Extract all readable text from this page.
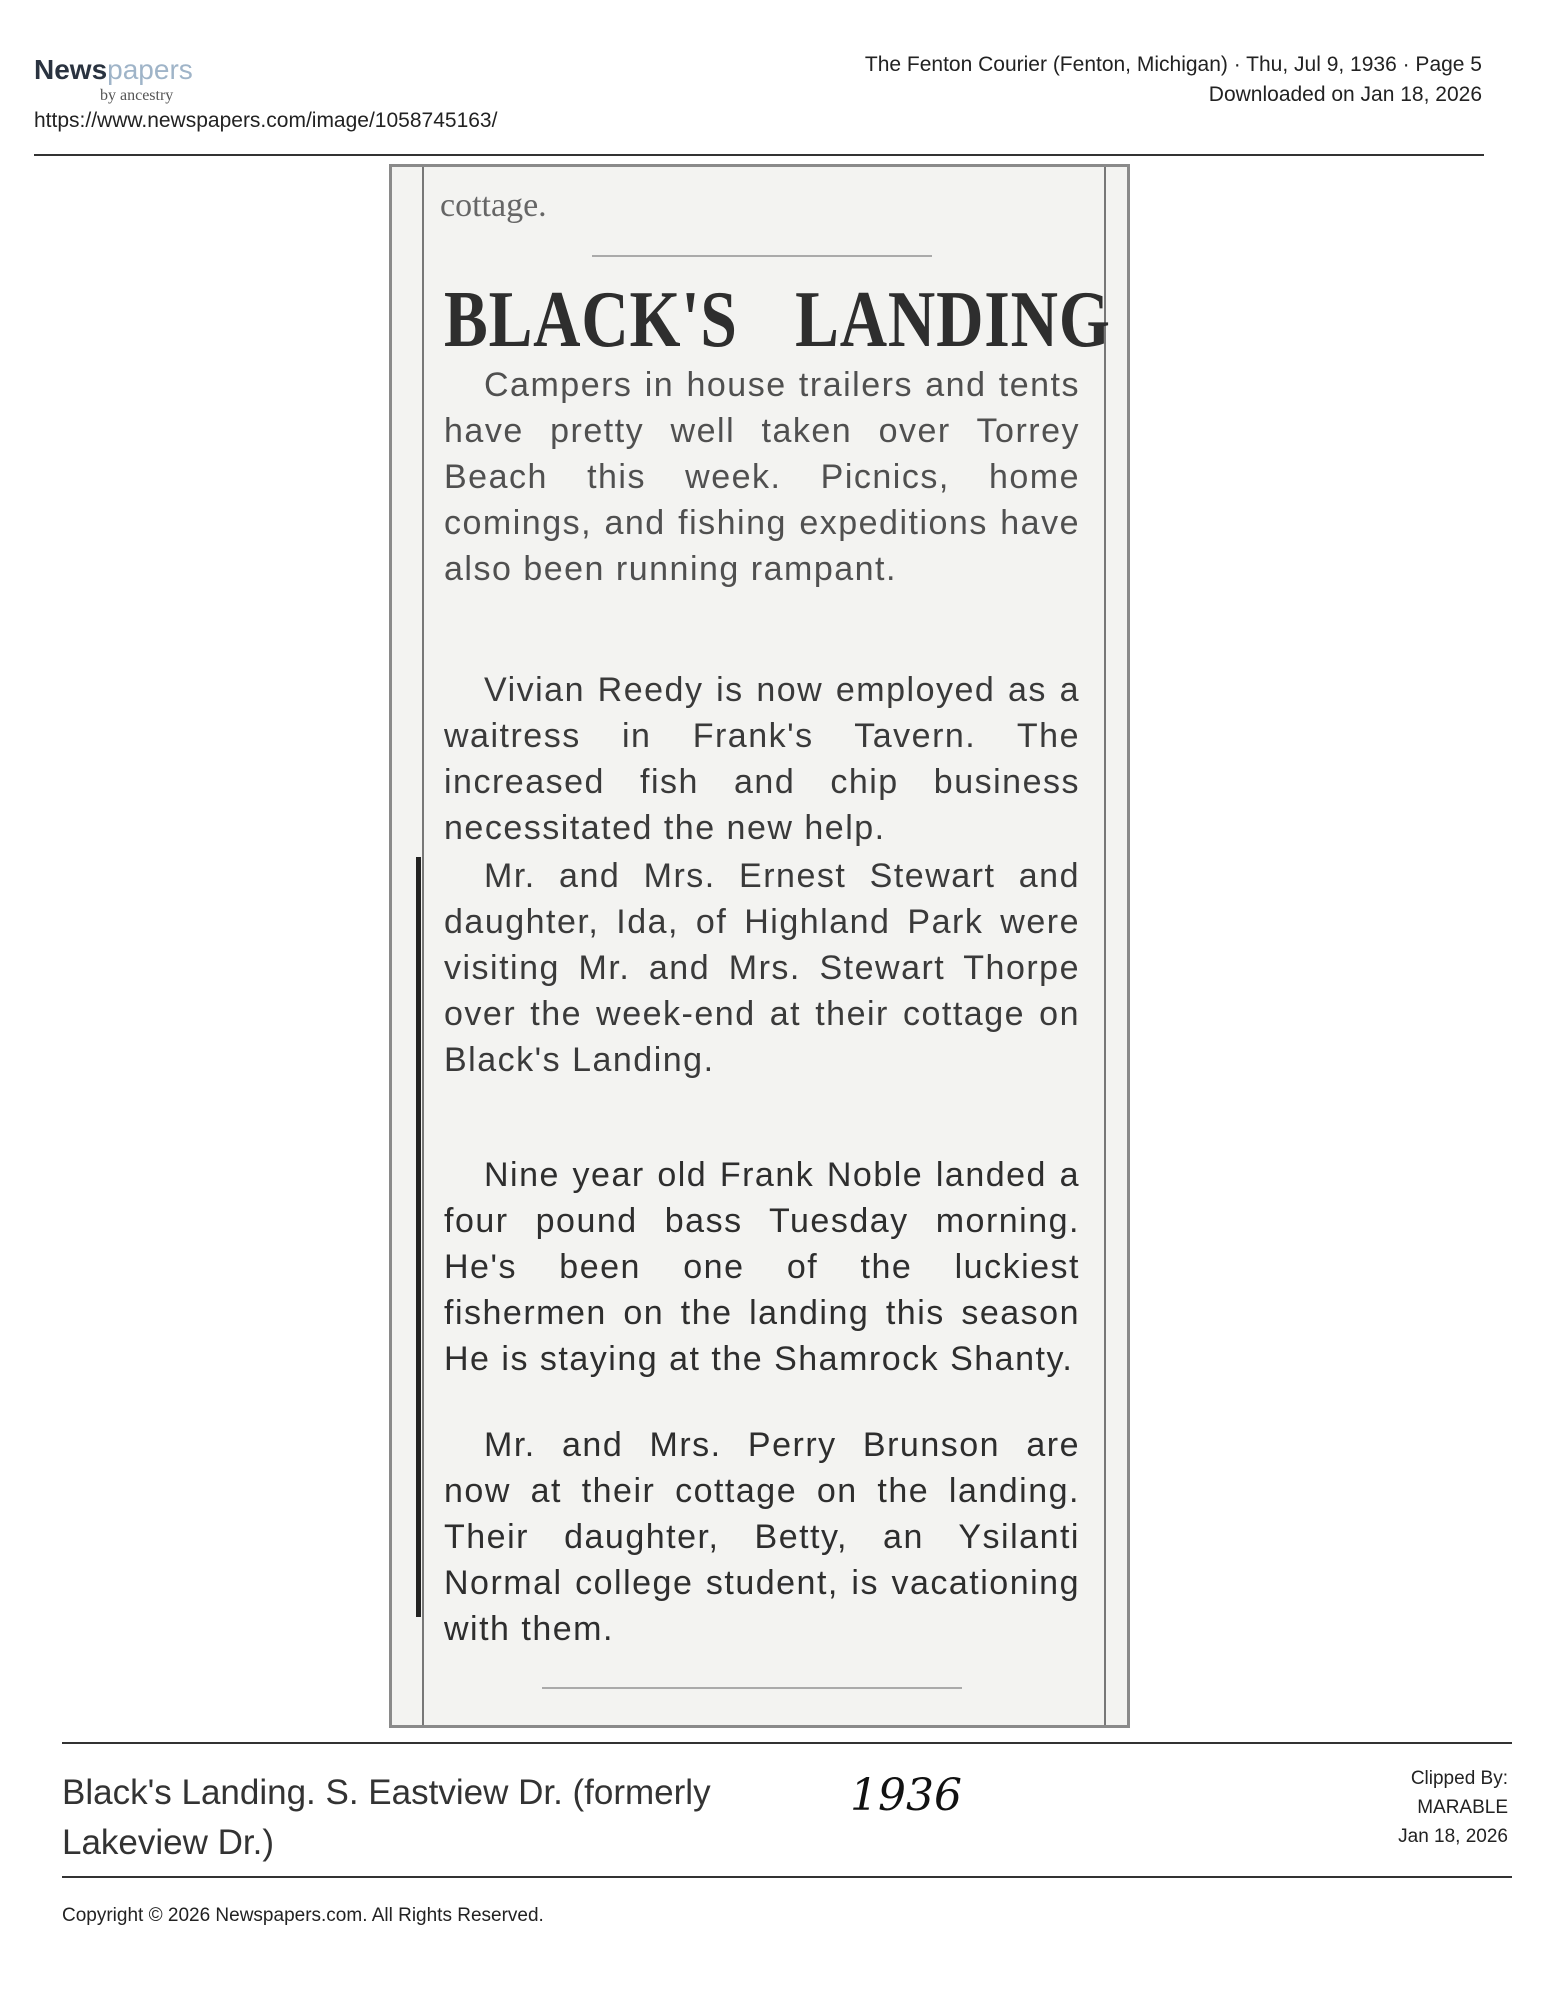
Newspapers
by ancestry
https://www.newspapers.com/image/1058745163/
The Fenton Courier (Fenton, Michigan) · Thu, Jul 9, 1936 · Page 5
Downloaded on Jan 18, 2026
cottage.
BLACK'S LANDING
Campers in house trailers and tents have pretty well taken over Torrey Beach this week. Picnics, home comings, and fishing expeditions have also been running rampant.
Vivian Reedy is now employed as a waitress in Frank's Tavern. The increased fish and chip business necessitated the new help.
Mr. and Mrs. Ernest Stewart and daughter, Ida, of Highland Park were visiting Mr. and Mrs. Stewart Thorpe over the week-end at their cottage on Black's Landing.
Nine year old Frank Noble landed a four pound bass Tuesday morning. He's been one of the luckiest fishermen on the landing this season He is staying at the Shamrock Shanty.
Mr. and Mrs. Perry Brunson are now at their cottage on the landing. Their daughter, Betty, an Ysilanti Normal college student, is vacationing with them.
Black's Landing. S. Eastview Dr. (formerly Lakeview Dr.)
1936	Clipped By:
MARABLE
Jan 18, 2026
Copyright © 2026 Newspapers.com. All Rights Reserved.
